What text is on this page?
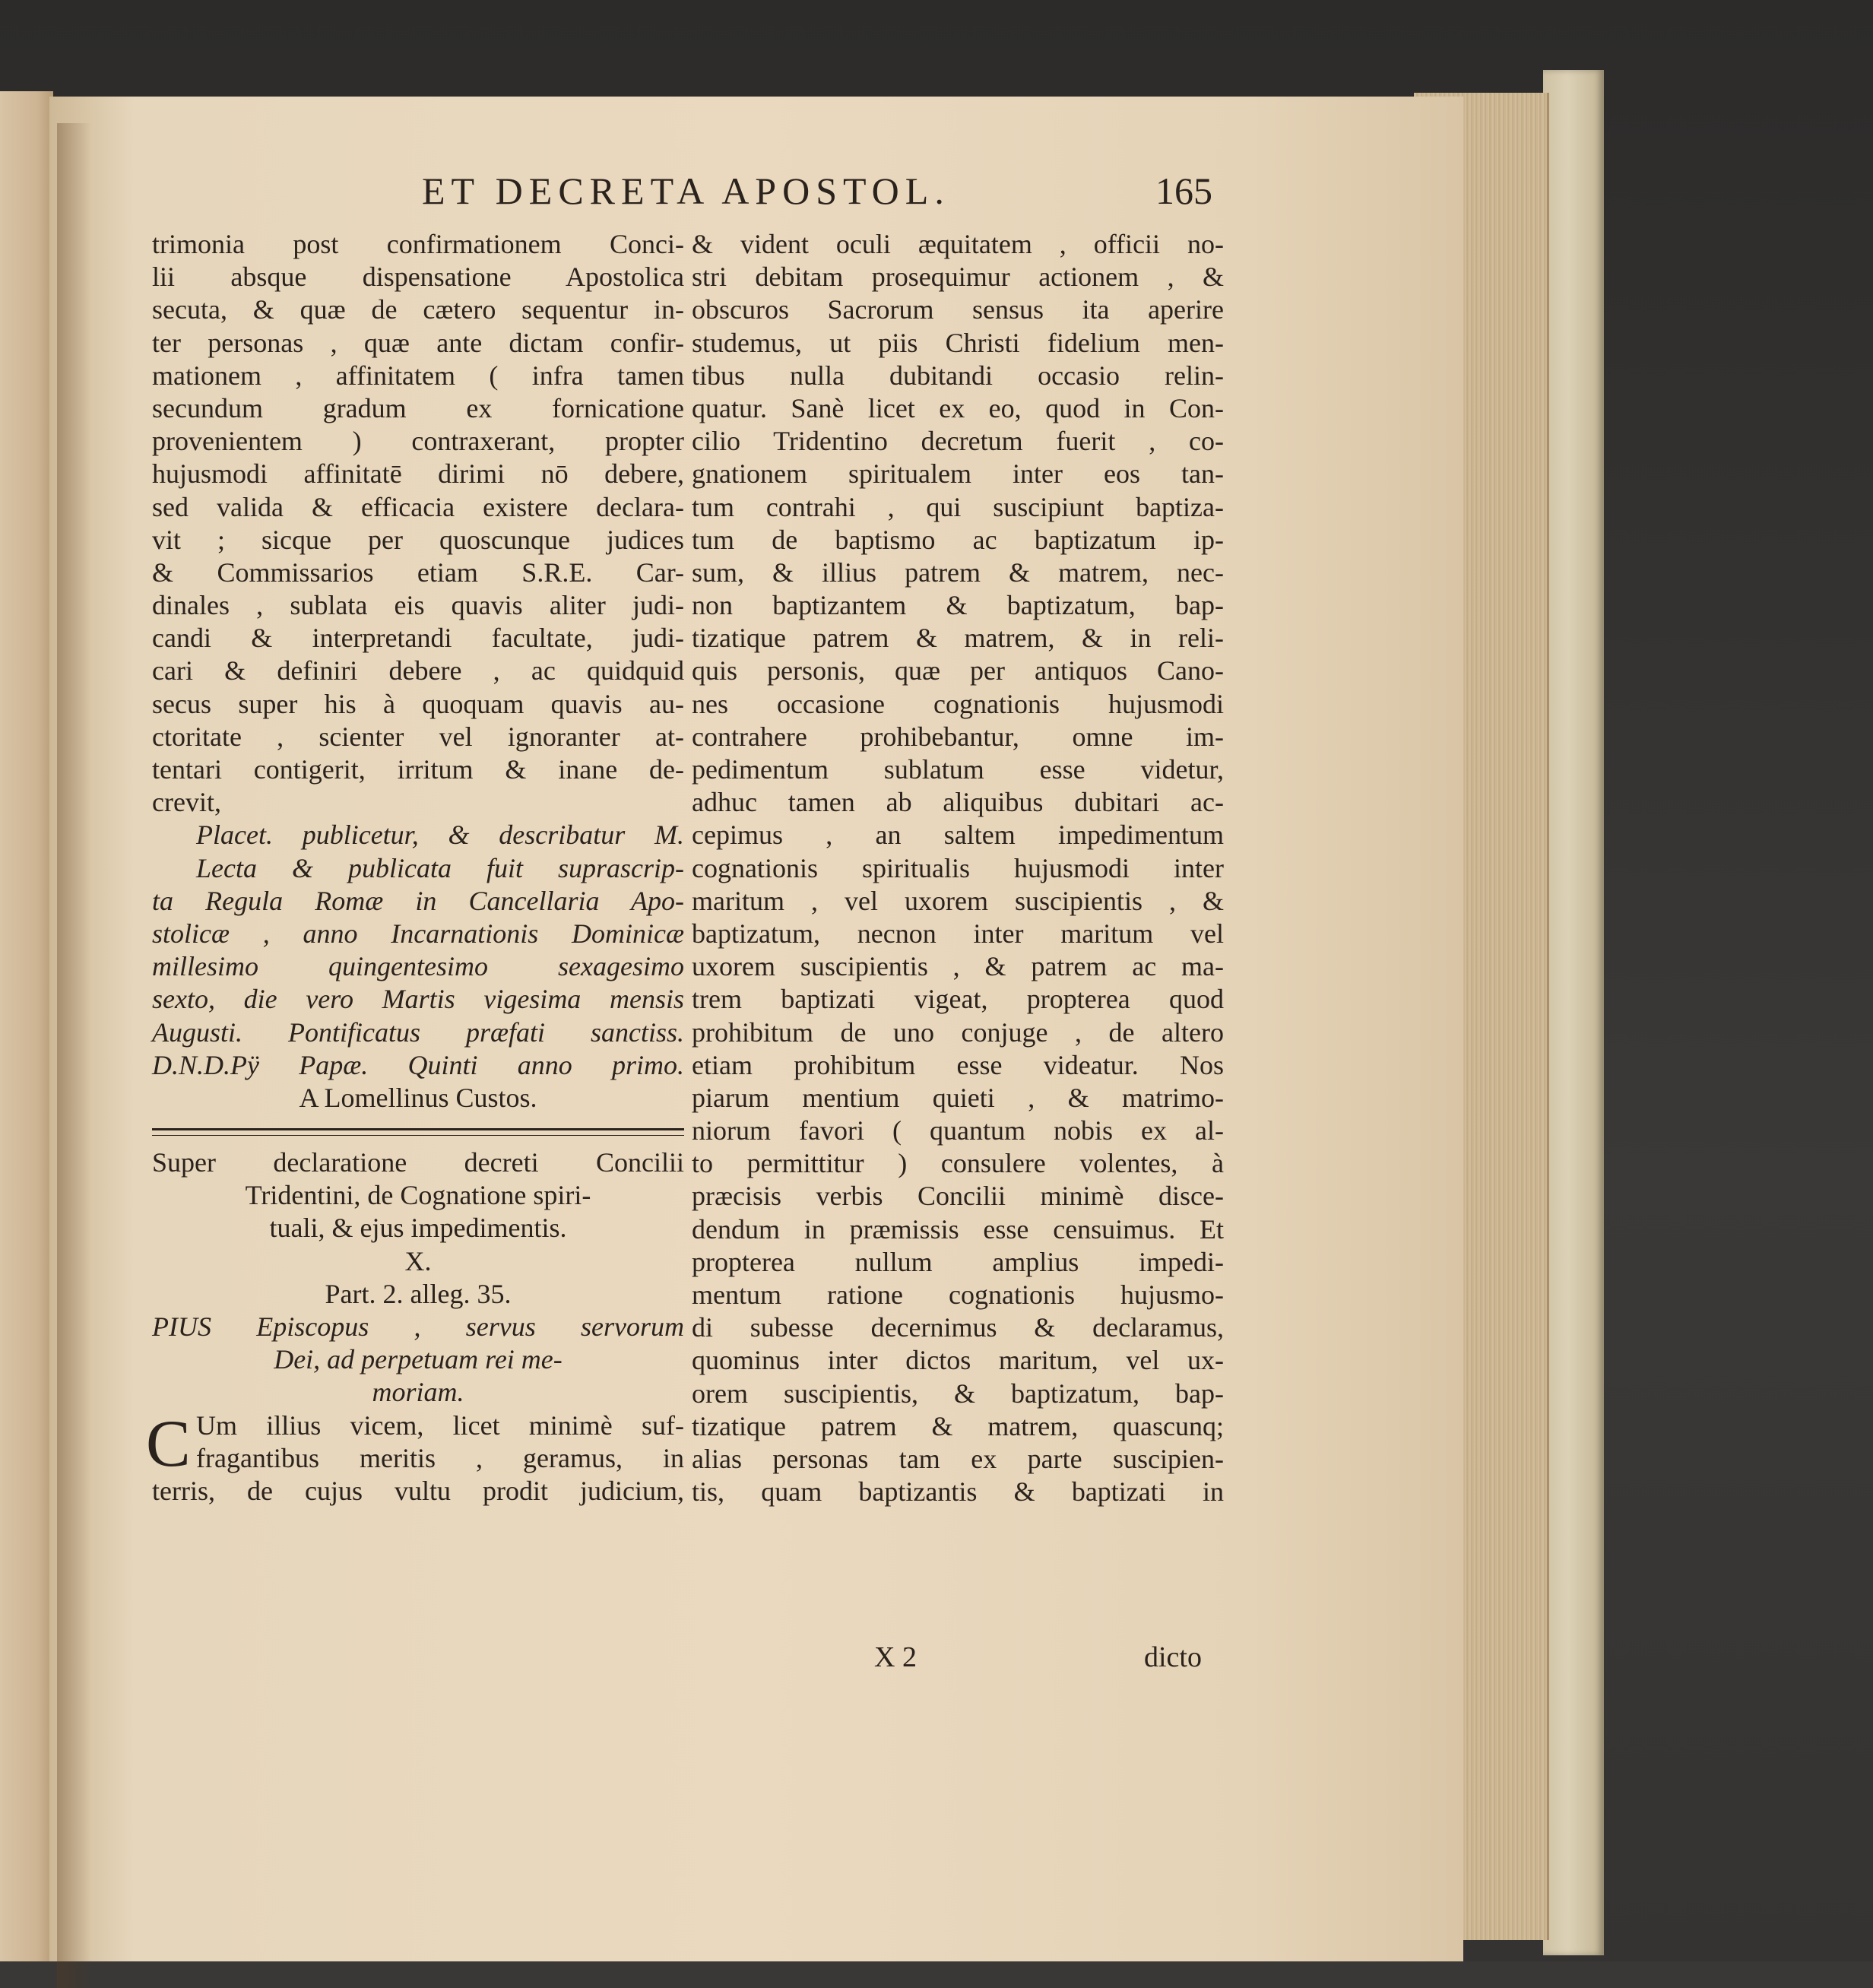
ET DECRETA APOSTOL.	165
trimonia post confirmationem Conci-
lii absque dispensatione Apostolica
secuta, & quæ de cætero sequentur in-
ter personas , quæ ante dictam confir-
mationem , affinitatem ( infra tamen
secundum gradum ex fornicatione
provenientem ) contraxerant, propter
hujusmodi affinitatē dirimi nō debere,
sed valida & efficacia existere declara-
vit ; sicque per quoscunque judices
& Commissarios etiam S.R.E. Car-
dinales , sublata eis quavis aliter judi-
candi & interpretandi facultate, judi-
cari & definiri debere , ac quidquid
secus super his à quoquam quavis au-
ctoritate , scienter vel ignoranter at-
tentari contigerit, irritum & inane de-
crevit,
Placet. publicetur, & describatur M.
Lecta & publicata fuit suprascrip-
ta Regula Romæ in Cancellaria Apo-
stolicæ , anno Incarnationis Dominicæ
millesimo quingentesimo sexagesimo
sexto, die vero Martis vigesima mensis
Augusti. Pontificatus præfati sanctiss.
D.N.D.Pÿ Papæ. Quinti anno primo.
A Lomellinus Custos.
Super declaratione decreti Concilii
Tridentini, de Cognatione spiri-
tuali, & ejus impedimentis.
X.
Part. 2. alleg. 35.
PIUS Episcopus , servus servorum
Dei, ad perpetuam rei me-
moriam.
C Um illius vicem, licet minimè suf-
fragantibus meritis , geramus, in
terris, de cujus vultu prodit judicium,
& vident oculi æquitatem , officii no-
stri debitam prosequimur actionem , &
obscuros Sacrorum sensus ita aperire
studemus, ut piis Christi fidelium men-
tibus nulla dubitandi occasio relin-
quatur. Sanè licet ex eo, quod in Con-
cilio Tridentino decretum fuerit , co-
gnationem spiritualem inter eos tan-
tum contrahi , qui suscipiunt baptiza-
tum de baptismo ac baptizatum ip-
sum, & illius patrem & matrem, nec-
non baptizantem & baptizatum, bap-
tizatique patrem & matrem, & in reli-
quis personis, quæ per antiquos Cano-
nes occasione cognationis hujusmodi
contrahere prohibebantur, omne im-
pedimentum sublatum esse videtur,
adhuc tamen ab aliquibus dubitari ac-
cepimus , an saltem impedimentum
cognationis spiritualis hujusmodi inter
maritum , vel uxorem suscipientis , &
baptizatum, necnon inter maritum vel
uxorem suscipientis , & patrem ac ma-
trem baptizati vigeat, propterea quod
prohibitum de uno conjuge , de altero
etiam prohibitum esse videatur. Nos
piarum mentium quieti , & matrimo-
niorum favori ( quantum nobis ex al-
to permittitur ) consulere volentes, à
præcisis verbis Concilii minimè disce-
dendum in præmissis esse censuimus. Et
propterea nullum amplius impedi-
mentum ratione cognationis hujusmo-
di subesse decernimus & declaramus,
quominus inter dictos maritum, vel ux-
orem suscipientis, & baptizatum, bap-
tizatique patrem & matrem, quascunq;
alias personas tam ex parte suscipien-
tis, quam baptizantis & baptizati in
X 2	dicto
